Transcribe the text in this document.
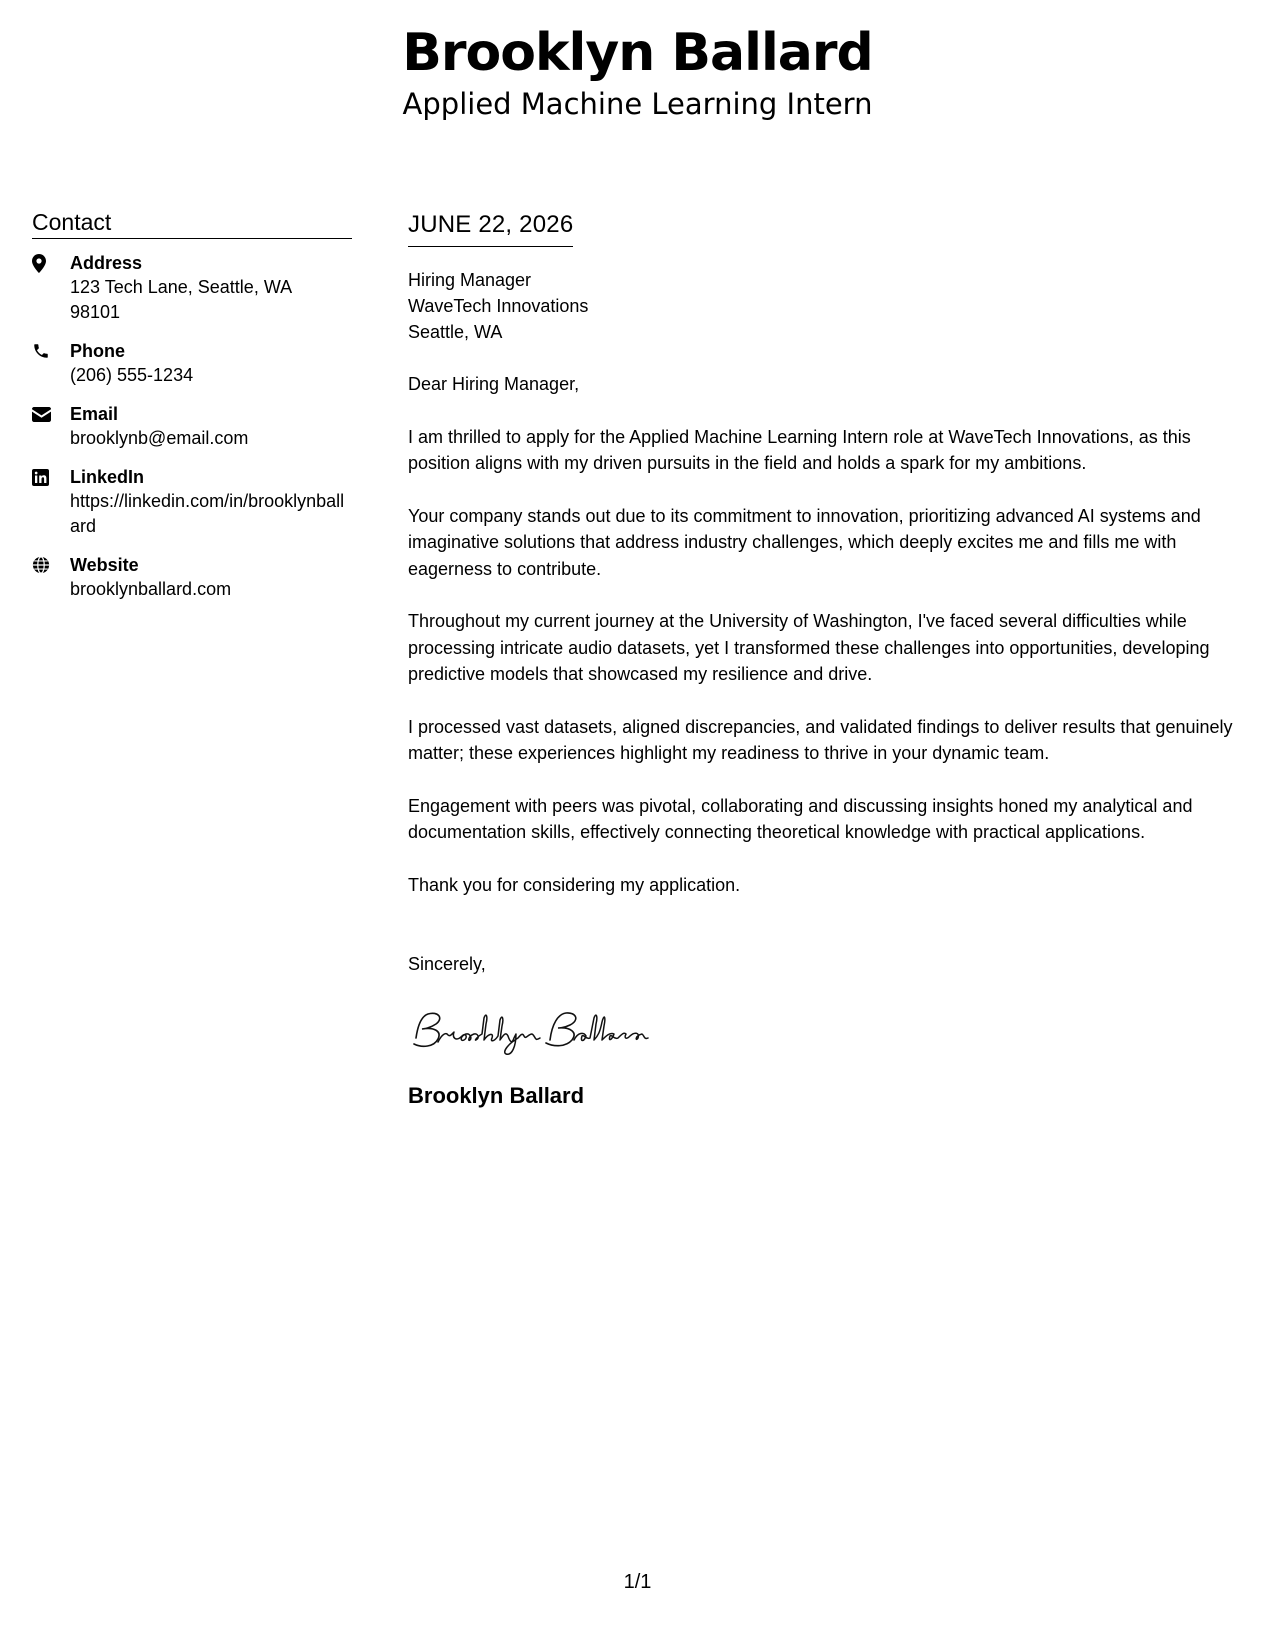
Brooklyn Ballard
Applied Machine Learning Intern
Contact
Address
123 Tech Lane, Seattle, WA 98101
Phone
(206) 555-1234
Email
brooklynb@email.com
LinkedIn
https://linkedin.com/in/brooklynballard
Website
brooklynballard.com
JUNE 22, 2026
Hiring Manager
WaveTech Innovations
Seattle, WA

Dear Hiring Manager,

I am thrilled to apply for the Applied Machine Learning Intern role at WaveTech Innovations, as this position aligns with my driven pursuits in the field and holds a spark for my ambitions.

Your company stands out due to its commitment to innovation, prioritizing advanced AI systems and imaginative solutions that address industry challenges, which deeply excites me and fills me with eagerness to contribute.

Throughout my current journey at the University of Washington, I've faced several difficulties while processing intricate audio datasets, yet I transformed these challenges into opportunities, developing predictive models that showcased my resilience and drive.

I processed vast datasets, aligned discrepancies, and validated findings to deliver results that genuinely matter; these experiences highlight my readiness to thrive in your dynamic team.

Engagement with peers was pivotal, collaborating and discussing insights honed my analytical and documentation skills, effectively connecting theoretical knowledge with practical applications.

Thank you for considering my application.

Sincerely,

Brooklyn Ballard
1/1
